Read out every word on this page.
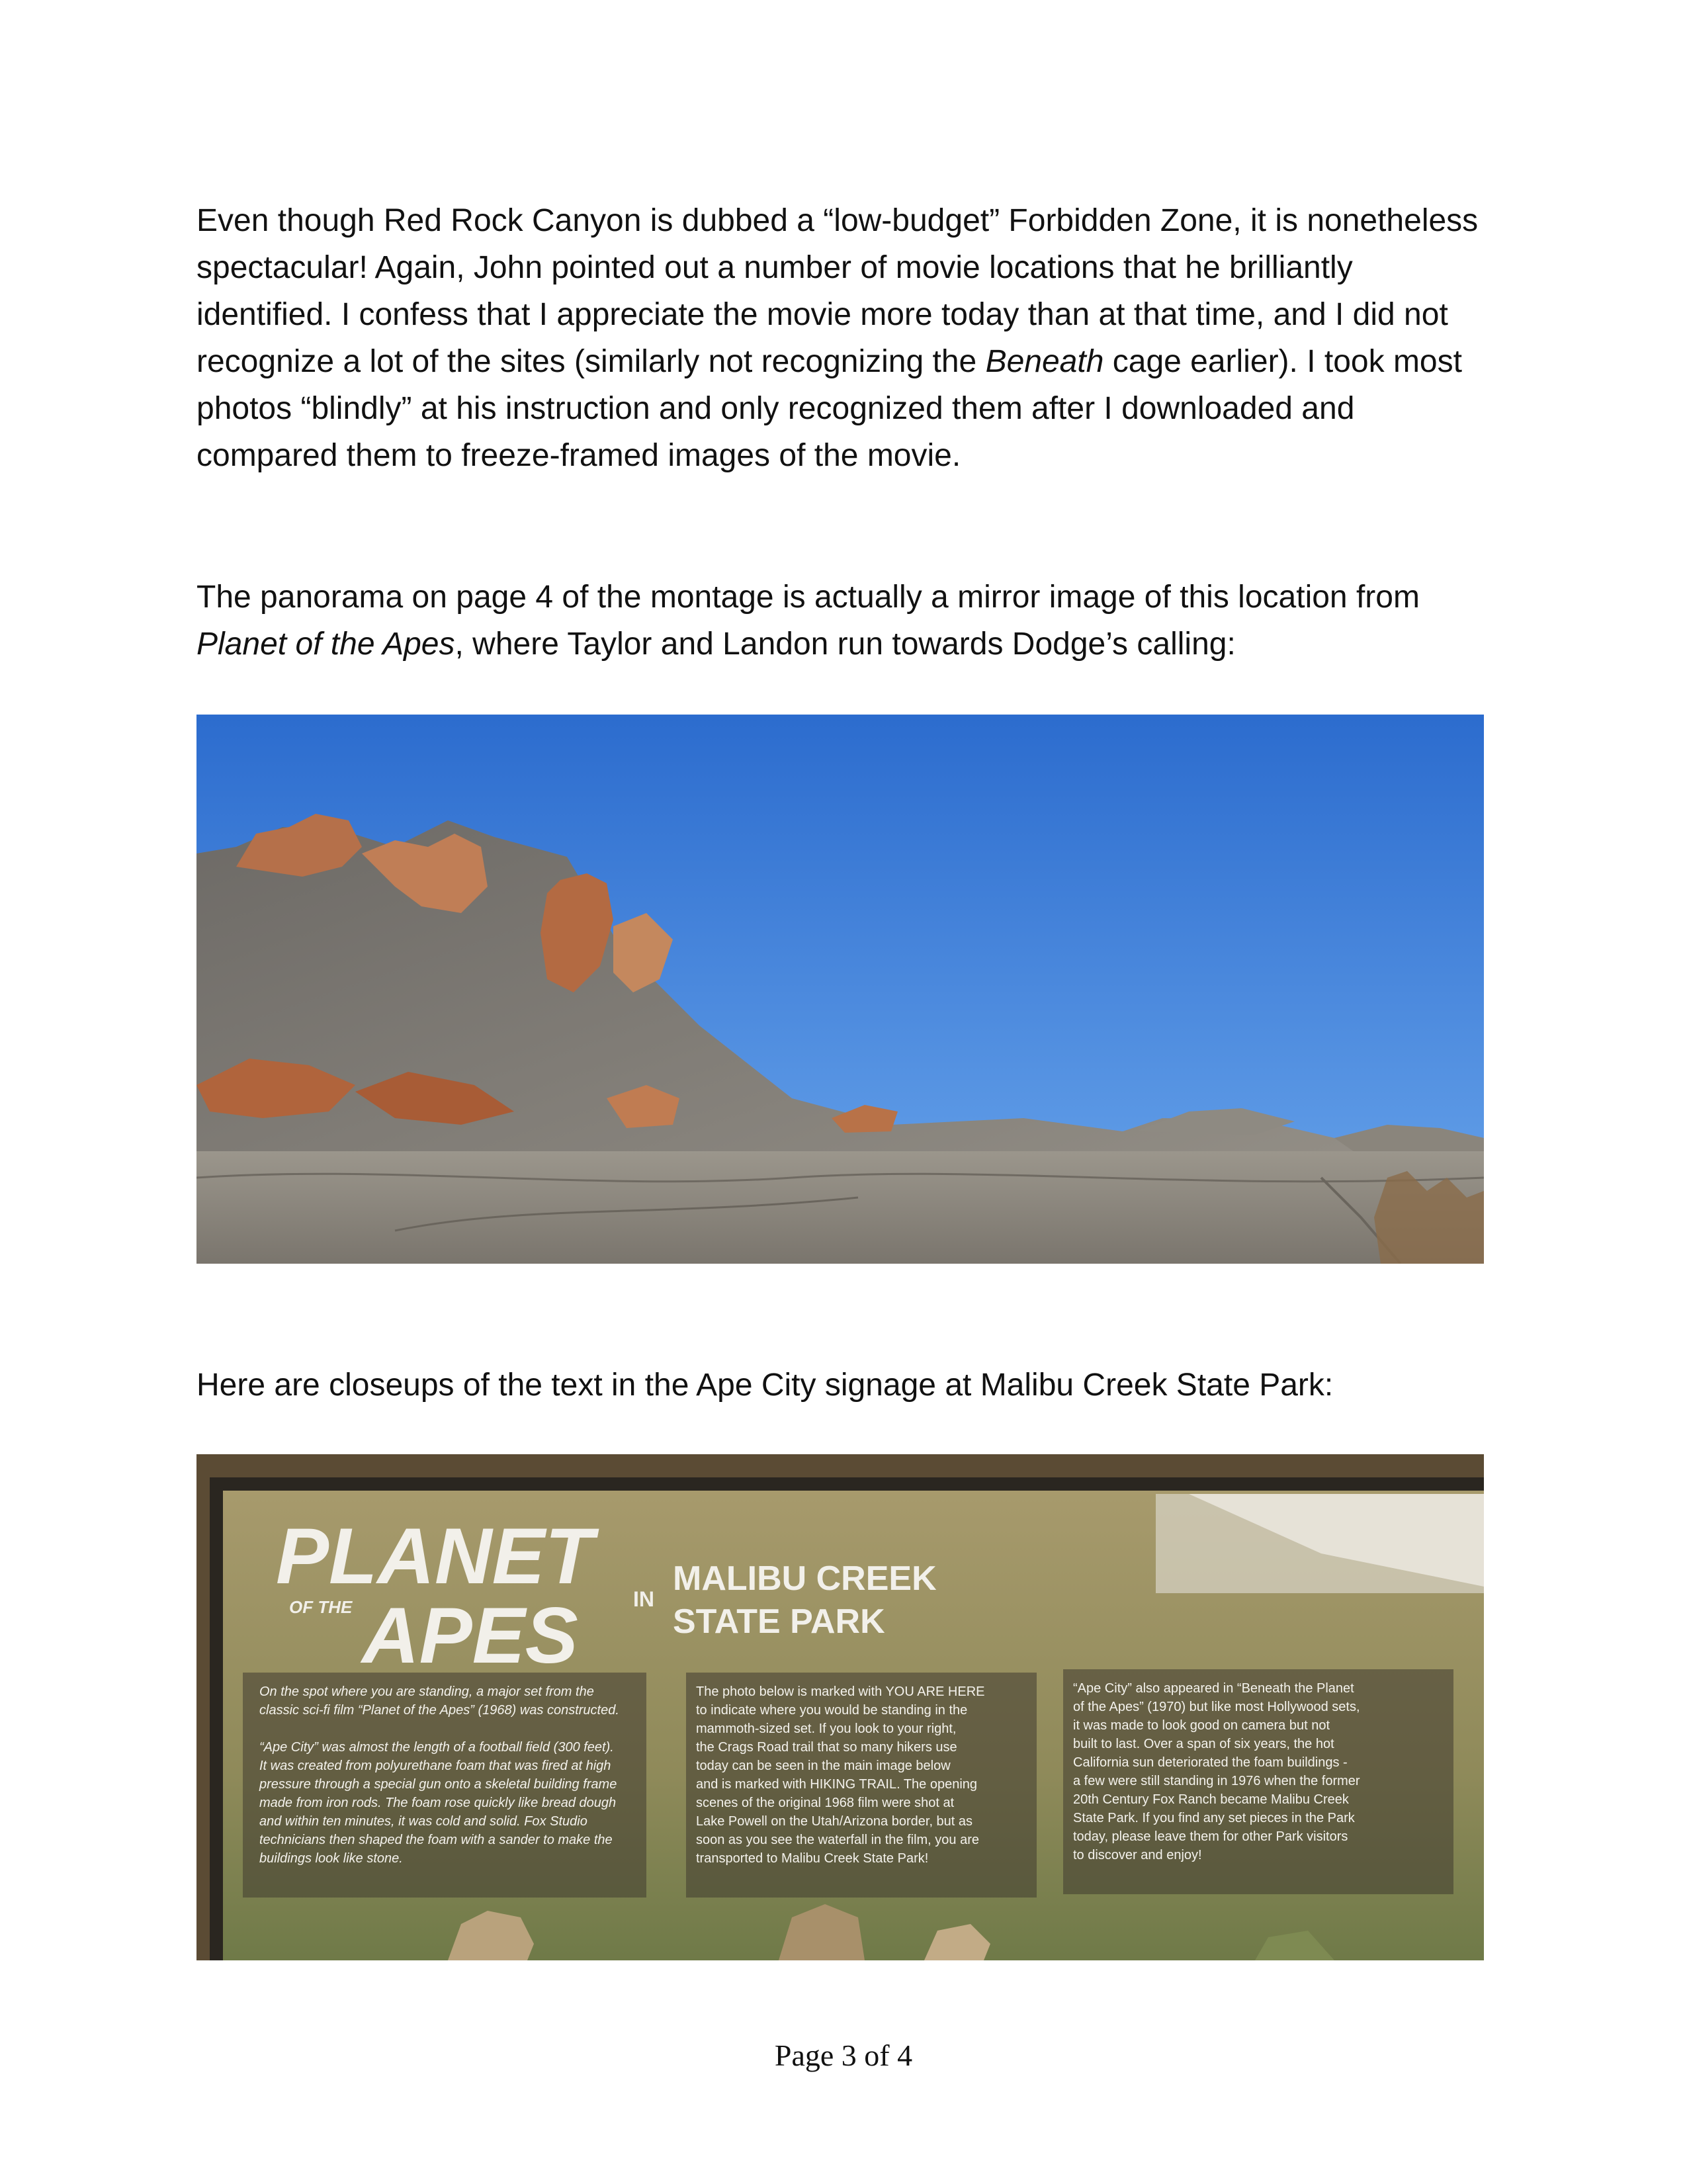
Even though Red Rock Canyon is dubbed a “low-budget” Forbidden Zone, it is nonetheless spectacular! Again, John pointed out a number of movie locations that he brilliantly identified. I confess that I appreciate the movie more today than at that time, and I did not recognize a lot of the sites (similarly not recognizing the Beneath cage earlier). I took most photos “blindly” at his instruction and only recognized them after I downloaded and compared them to freeze-framed images of the movie.

The panorama on page 4 of the montage is actually a mirror image of this location from Planet of the Apes, where Taylor and Landon run towards Dodge’s calling:

Here are closeups of the text in the Ape City signage at Malibu Creek State Park:

PLANET
OF THE APES	IN
MALIBU CREEK
STATE PARK
On the spot where you are standing, a major set from the
classic sci-fi film “Planet of the Apes” (1968) was constructed.
“Ape City” was almost the length of a football field (300 feet).
It was created from polyurethane foam that was fired at high
pressure through a special gun onto a skeletal building frame
made from iron rods. The foam rose quickly like bread dough
and within ten minutes, it was cold and solid. Fox Studio
technicians then shaped the foam with a sander to make the
buildings look like stone.
The photo below is marked with YOU ARE HERE
to indicate where you would be standing in the
mammoth-sized set. If you look to your right,
the Crags Road trail that so many hikers use
today can be seen in the main image below
and is marked with HIKING TRAIL. The opening
scenes of the original 1968 film were shot at
Lake Powell on the Utah/Arizona border, but as
soon as you see the waterfall in the film, you are
transported to Malibu Creek State Park!
“Ape City” also appeared in “Beneath the Planet
of the Apes” (1970) but like most Hollywood sets,
it was made to look good on camera but not
built to last. Over a span of six years, the hot
California sun deteriorated the foam buildings -
a few were still standing in 1976 when the former
20th Century Fox Ranch became Malibu Creek
State Park. If you find any set pieces in the Park
today, please leave them for other Park visitors
to discover and enjoy!
Page 3 of 4
